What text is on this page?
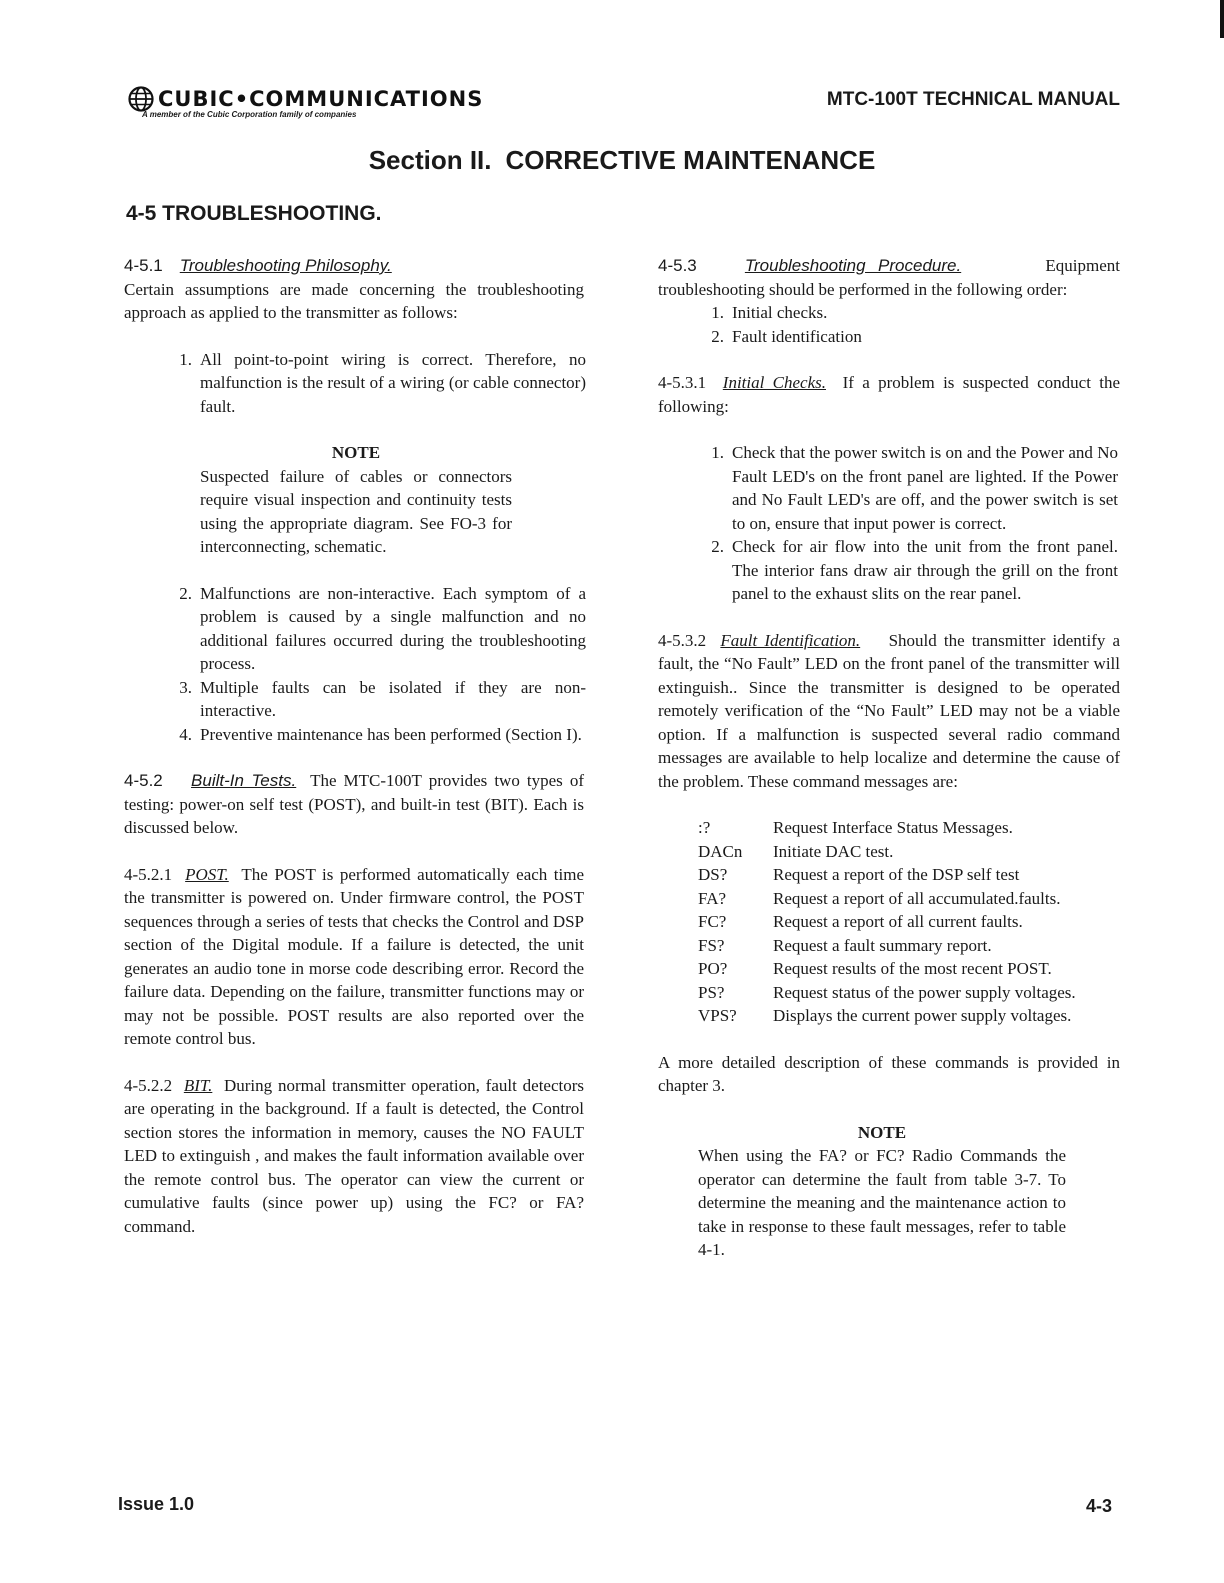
CUBIC•COMMUNICATIONS
A member of the Cubic Corporation family of companies
MTC-100T TECHNICAL MANUAL
Section II. CORRECTIVE MAINTENANCE
4-5 TROUBLESHOOTING.

4-5.1 Troubleshooting Philosophy.

Certain assumptions are made concerning the troubleshooting approach as applied to the transmitter as follows:

1. All point-to-point wiring is correct. Therefore, no malfunction is the result of a wiring (or cable connector) fault.

NOTE

Suspected failure of cables or connectors require visual inspection and continuity tests using the appropriate diagram. See FO-3 for interconnecting, schematic.

2. Malfunctions are non-interactive. Each symptom of a problem is caused by a single malfunction and no additional failures occurred during the troubleshooting process.
3. Multiple faults can be isolated if they are non-interactive.
4. Preventive maintenance has been performed (Section I).

4-5.2 Built-In Tests. The MTC-100T provides two types of testing: power-on self test (POST), and built-in test (BIT). Each is discussed below.

4-5.2.1 POST. The POST is performed automatically each time the transmitter is powered on. Under firmware control, the POST sequences through a series of tests that checks the Control and DSP section of the Digital module. If a failure is detected, the unit generates an audio tone in morse code describing error. Record the failure data. Depending on the failure, transmitter functions may or may not be possible. POST results are also reported over the remote control bus.

4-5.2.2 BIT. During normal transmitter operation, fault detectors are operating in the background. If a fault is detected, the Control section stores the information in memory, causes the NO FAULT LED to extinguish , and makes the fault information available over the remote control bus. The operator can view the current or cumulative faults (since power up) using the FC? or FA? command.

4-5.3	Troubleshooting Procedure.	Equipment troubleshooting should be performed in the following order:

1. Initial checks.
2. Fault identification

4-5.3.1 Initial Checks. If a problem is suspected conduct the following:

1. Check that the power switch is on and the Power and No Fault LED's on the front panel are lighted. If the Power and No Fault LED's are off, and the power switch is set to on, ensure that input power is correct.
2. Check for air flow into the unit from the front panel. The interior fans draw air through the grill on the front panel to the exhaust slits on the rear panel.

4-5.3.2 Fault Identification. Should the transmitter identify a fault, the “No Fault” LED on the front panel of the transmitter will extinguish.. Since the transmitter is designed to be operated remotely verification of the “No Fault” LED may not be a viable option. If a malfunction is suspected several radio command messages are available to help localize and determine the cause of the problem. These command messages are:

:?	Request Interface Status Messages.
DACn	Initiate DAC test.
DS?	Request a report of the DSP self test
FA?	Request a report of all accumulated.faults.
FC?	Request a report of all current faults.
FS?	Request a fault summary report.
PO?	Request results of the most recent POST.
PS?	Request status of the power supply voltages.
VPS?	Displays the current power supply voltages.

A more detailed description of these commands is provided in chapter 3.

NOTE

When using the FA? or FC? Radio Commands the operator can determine the fault from table 3-7. To determine the meaning and the maintenance action to take in response to these fault messages, refer to table 4-1.

Issue 1.0	4-3
